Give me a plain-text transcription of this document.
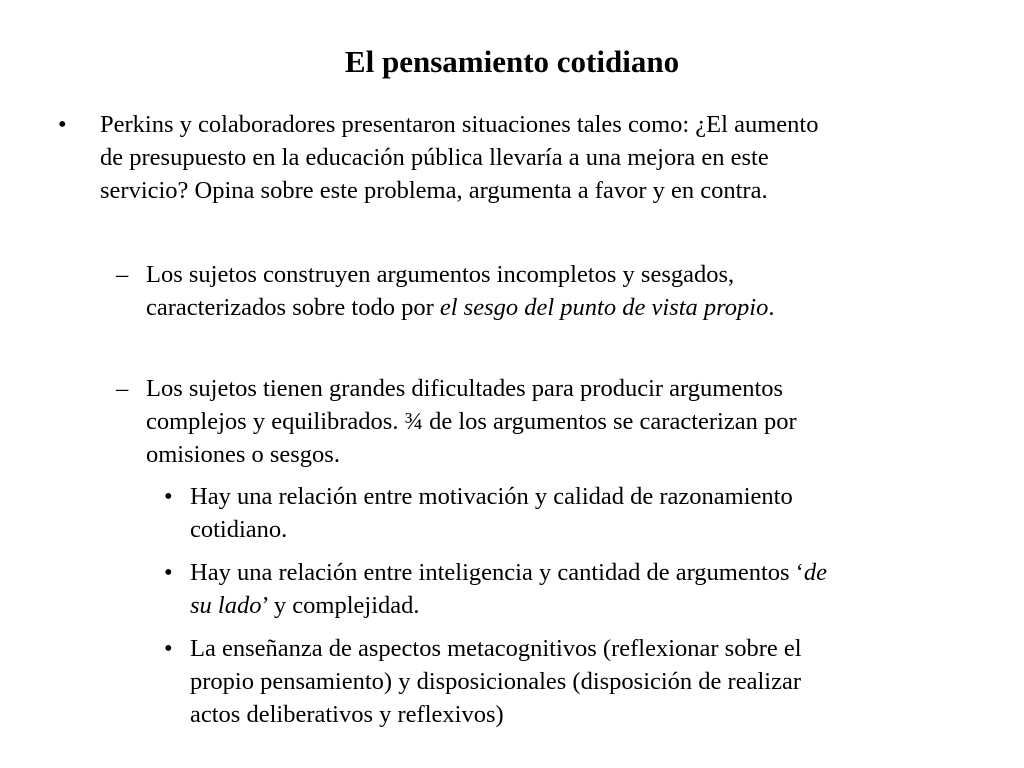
El pensamiento cotidiano
• Perkins y colaboradores presentaron situaciones tales como: ¿El aumento
de presupuesto en la educación pública llevaría a una mejora en este
servicio? Opina sobre este problema, argumenta a favor y en contra.
– Los sujetos construyen argumentos incompletos y sesgados,
caracterizados sobre todo por el sesgo del punto de vista propio.
– Los sujetos tienen grandes dificultades para producir argumentos
complejos y equilibrados. ¾ de los argumentos se caracterizan por
omisiones o sesgos.
• Hay una relación entre motivación y calidad de razonamiento
cotidiano.
• Hay una relación entre inteligencia y cantidad de argumentos ‘de
su lado’ y complejidad.
• La enseñanza de aspectos metacognitivos (reflexionar sobre el
propio pensamiento) y disposicionales (disposición de realizar
actos deliberativos y reflexivos)
